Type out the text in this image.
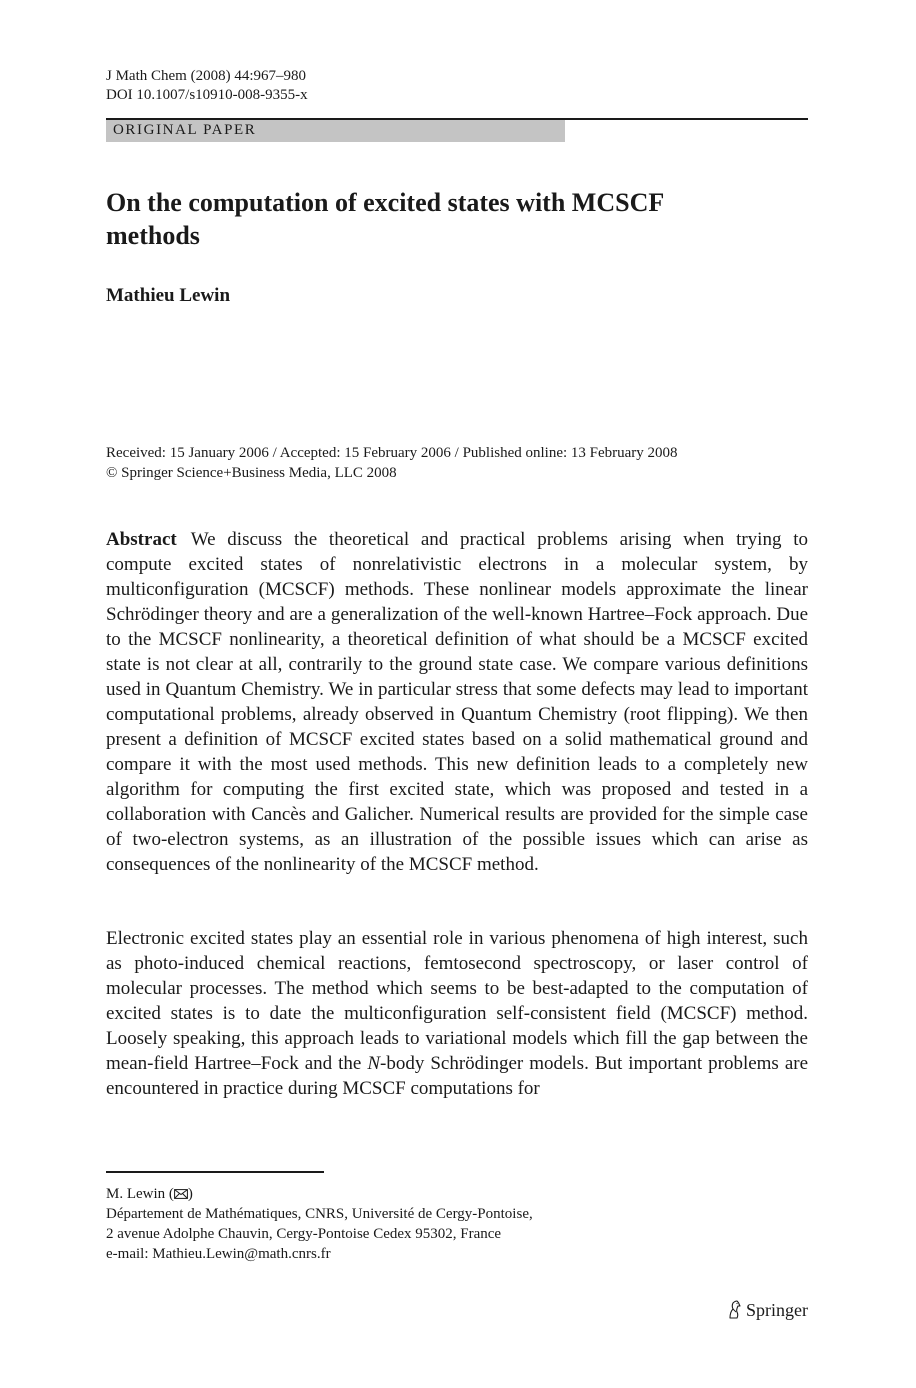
J Math Chem (2008) 44:967–980
DOI 10.1007/s10910-008-9355-x
ORIGINAL PAPER
On the computation of excited states with MCSCF
methods
Mathieu Lewin
Received: 15 January 2006 / Accepted: 15 February 2006 / Published online: 13 February 2008
© Springer Science+Business Media, LLC 2008

Abstract We discuss the theoretical and practical problems arising when trying to compute excited states of nonrelativistic electrons in a molecular system, by multiconfiguration (MCSCF) methods. These nonlinear models approximate the linear Schrödinger theory and are a generalization of the well-known Hartree–Fock approach. Due to the MCSCF nonlinearity, a theoretical definition of what should be a MCSCF excited state is not clear at all, contrarily to the ground state case. We compare various definitions used in Quantum Chemistry. We in particular stress that some defects may lead to important computational problems, already observed in Quantum Chemistry (root flipping). We then present a definition of MCSCF excited states based on a solid mathematical ground and compare it with the most used methods. This new definition leads to a completely new algorithm for computing the first excited state, which was proposed and tested in a collaboration with Cancès and Galicher. Numerical results are provided for the simple case of two-electron systems, as an illustration of the possible issues which can arise as consequences of the nonlinearity of the MCSCF method.

Electronic excited states play an essential role in various phenomena of high interest, such as photo-induced chemical reactions, femtosecond spectroscopy, or laser control of molecular processes. The method which seems to be best-adapted to the computation of excited states is to date the multiconfiguration self-consistent field (MCSCF) method. Loosely speaking, this approach leads to variational models which fill the gap between the mean-field Hartree–Fock and the N-body Schrödinger models. But important problems are encountered in practice during MCSCF computations for

M. Lewin ( )
Département de Mathématiques, CNRS, Université de Cergy-Pontoise,
2 avenue Adolphe Chauvin, Cergy-Pontoise Cedex 95302, France
e-mail: Mathieu.Lewin@math.cnrs.fr
Springer
